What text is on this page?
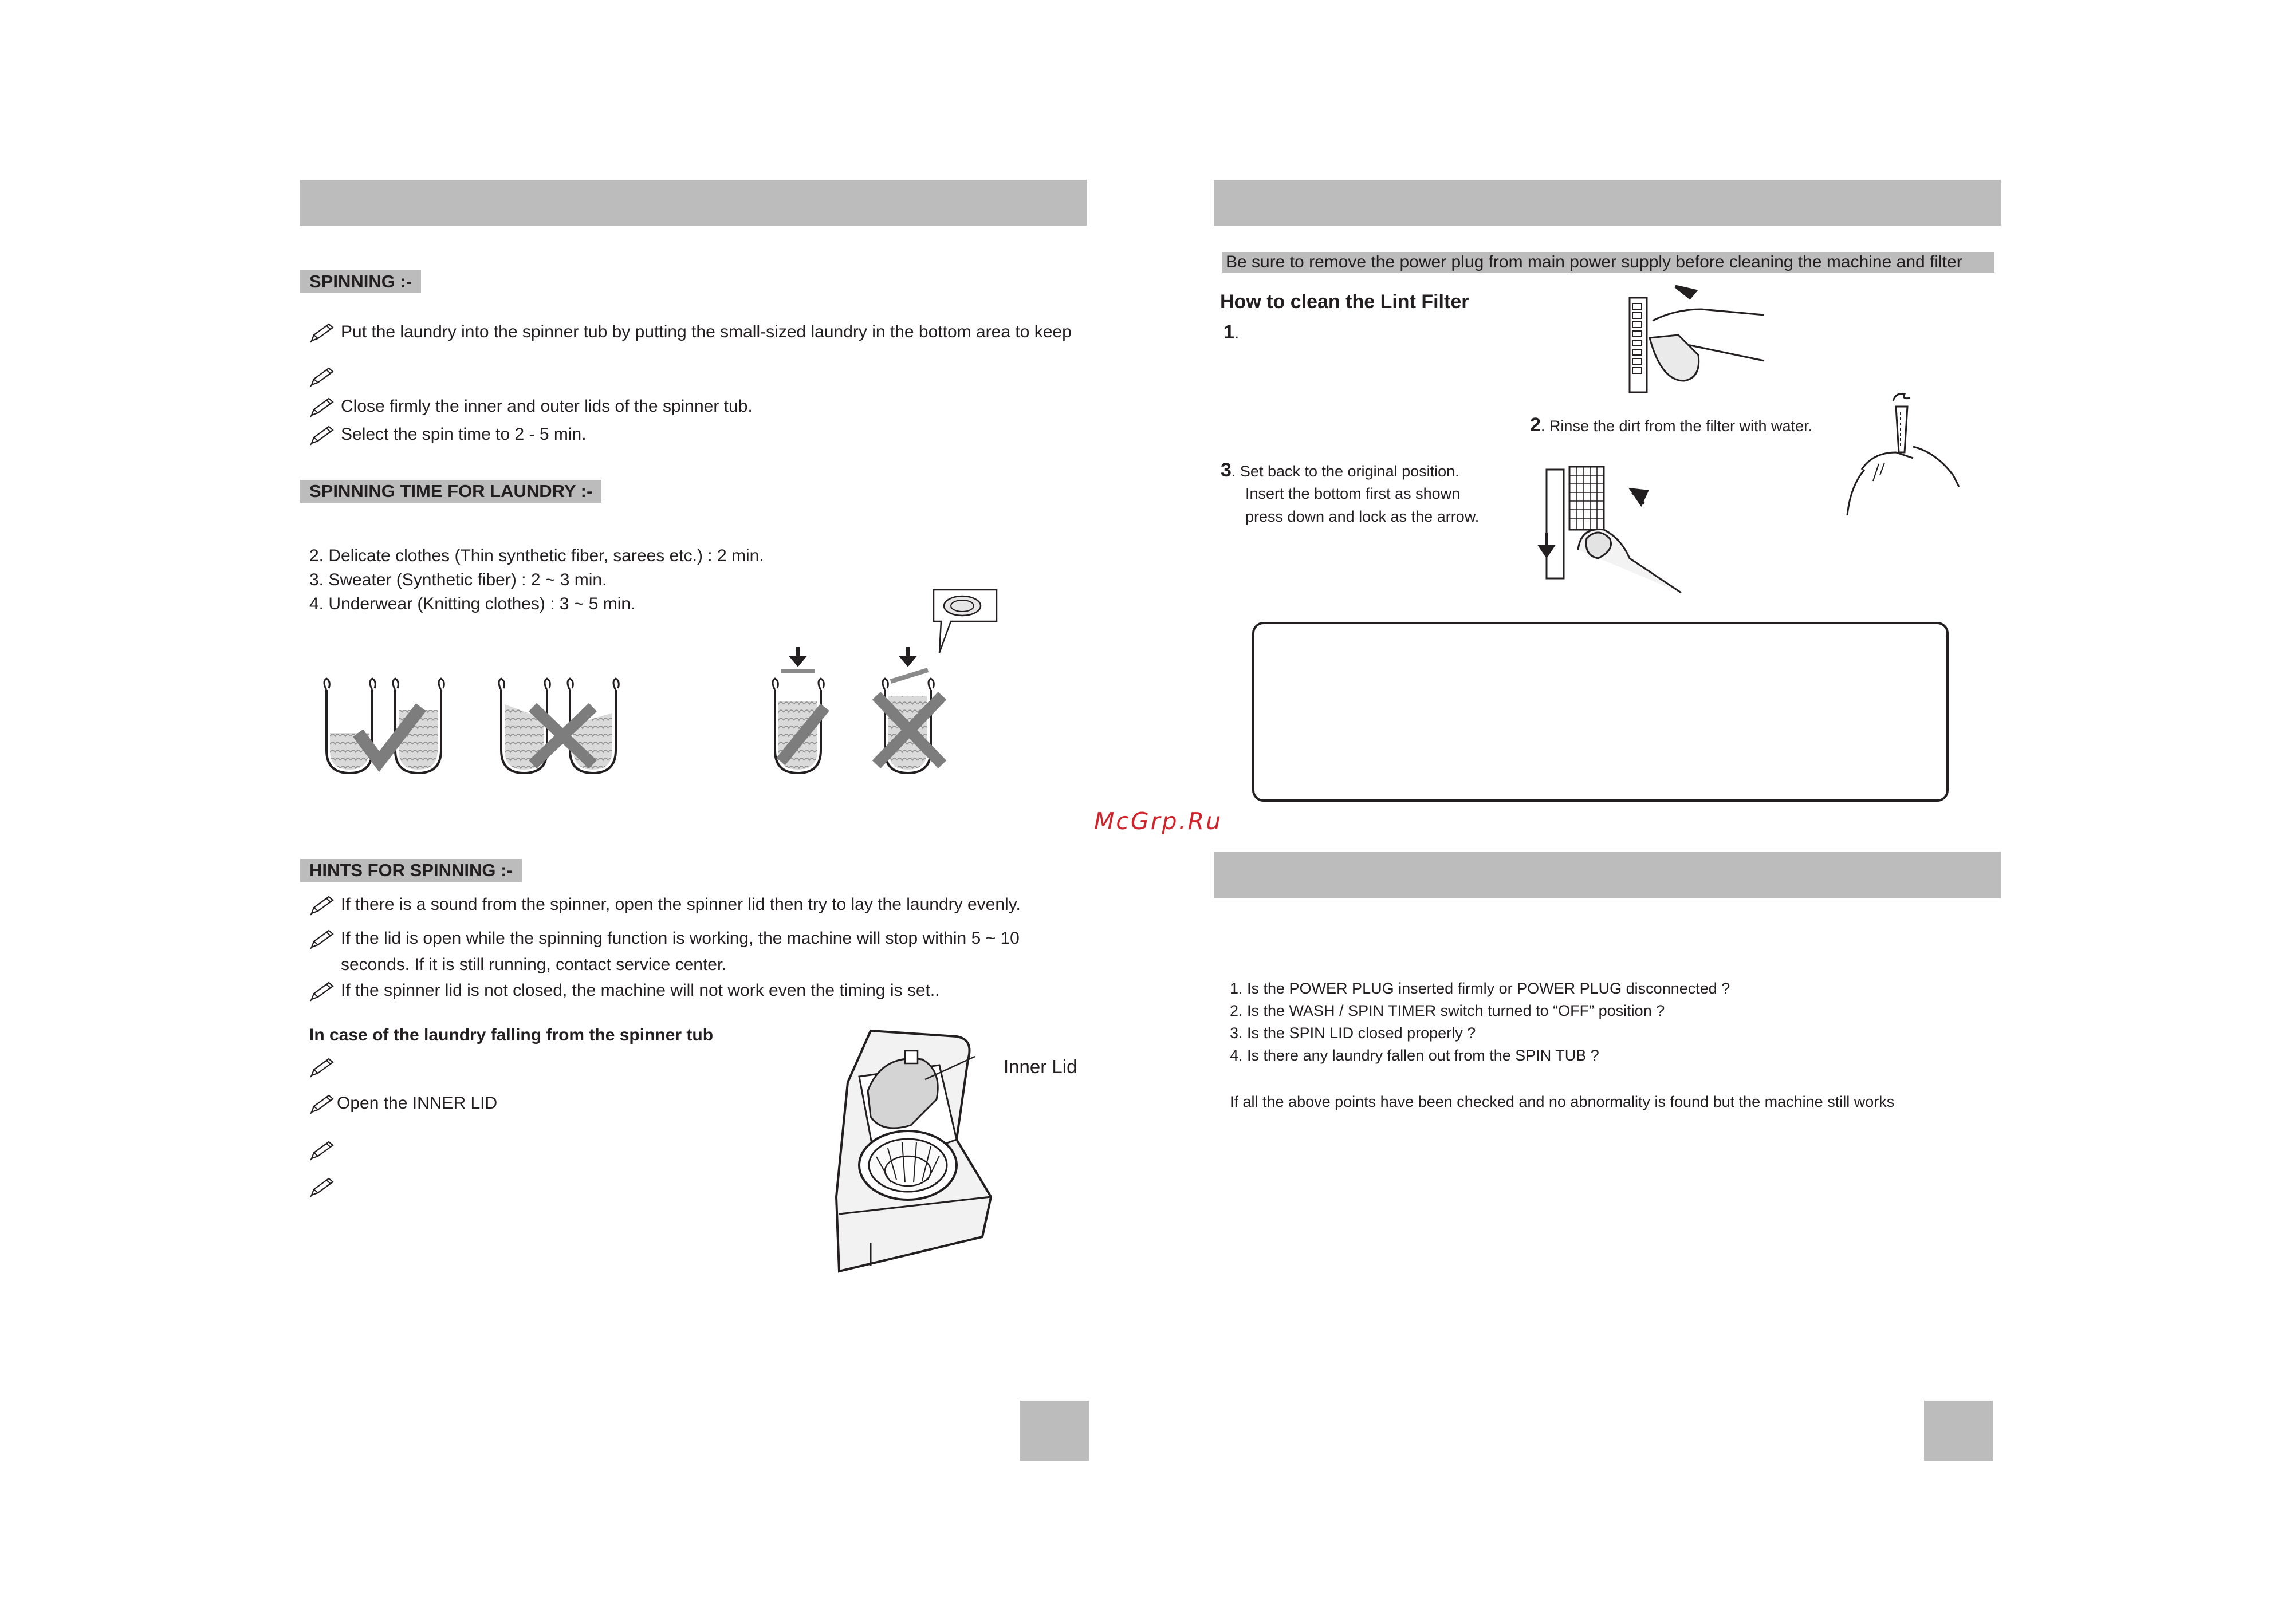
SPINNING :-
Put the laundry into the spinner tub by putting the small-sized laundry in the bottom area to keep
Close firmly the inner and outer lids of the spinner tub.
Select the spin time to 2 - 5 min.
SPINNING TIME FOR LAUNDRY :-
2. Delicate clothes (Thin synthetic fiber, sarees etc.) : 2 min.
3. Sweater (Synthetic fiber) : 2 ~ 3 min.
4. Underwear (Knitting clothes) : 3 ~ 5 min.
HINTS FOR SPINNING :-
If there is a sound from the spinner, open the spinner lid then try to lay the laundry evenly.
If the lid is open while the spinning function is working, the machine will stop within 5 ~ 10
seconds. If it is still running, contact service center.
If the spinner lid is not closed, the machine will not work even the timing is set..
In case of the laundry falling from the spinner tub
Open the INNER LID
Inner Lid
Be sure to remove the power plug from main power supply before cleaning the machine and filter
How to clean the Lint Filter
1.
2. Rinse the dirt from the filter with water.
3. Set back to the original position.
Insert the bottom first as shown
press down and lock as the arrow.
1. Is the POWER PLUG inserted firmly or POWER PLUG disconnected ?
2. Is the WASH / SPIN TIMER switch turned to “OFF” position ?
3. Is the SPIN LID closed properly ?
4. Is there any laundry fallen out from the SPIN TUB ?
If all the above points have been checked and no abnormality is found but the machine still works
McGrp.Ru
